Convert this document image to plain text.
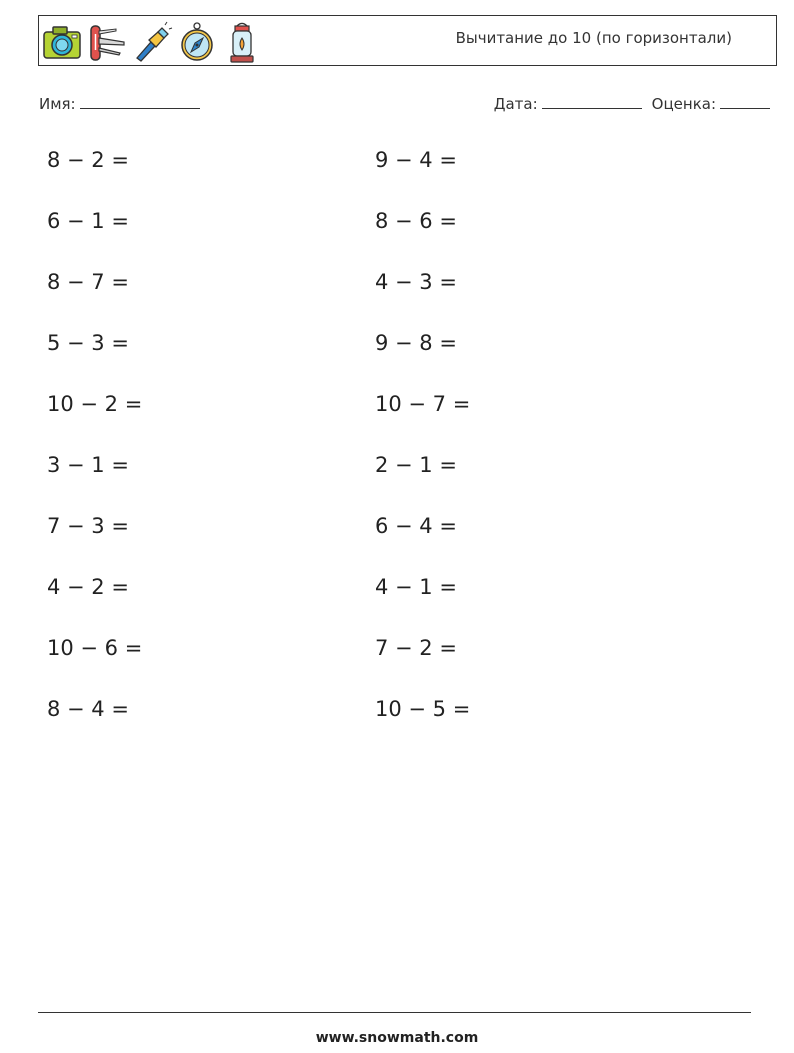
Вычитание до 10 (по горизонтали)
Имя:	Дата:	Оценка:
8 − 2 =
6 − 1 =
8 − 7 =
5 − 3 =
10 − 2 =
3 − 1 =
7 − 3 =
4 − 2 =
10 − 6 =
8 − 4 =
9 − 4 =
8 − 6 =
4 − 3 =
9 − 8 =
10 − 7 =
2 − 1 =
6 − 4 =
4 − 1 =
7 − 2 =
10 − 5 =
www.snowmath.com
